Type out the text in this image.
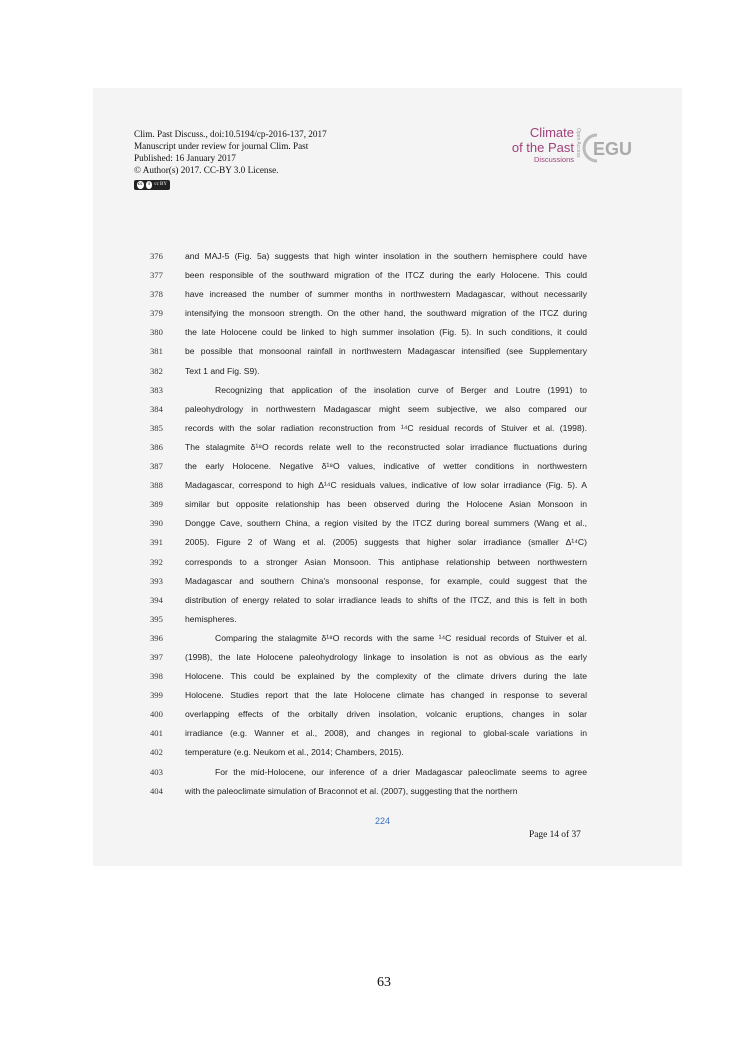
Clim. Past Discuss., doi:10.5194/cp-2016-137, 2017
Manuscript under review for journal Clim. Past
Published: 16 January 2017
© Author(s) 2017. CC-BY 3.0 License.
cc	i cc BY
Climate
of the Past
Discussions
Open Access EGU
376	and MAJ-5 (Fig. 5a) suggests that high winter insolation in the southern hemisphere could have
377	been responsible of the southward migration of the ITCZ during the early Holocene. This could
378	have increased the number of summer months in northwestern Madagascar, without necessarily
379	intensifying the monsoon strength. On the other hand, the southward migration of the ITCZ during
380	the late Holocene could be linked to high summer insolation (Fig. 5). In such conditions, it could
381	be possible that monsoonal rainfall in northwestern Madagascar intensified (see Supplementary
382	Text 1 and Fig. S9).
383	Recognizing that application of the insolation curve of Berger and Loutre (1991) to
384	paleohydrology in northwestern Madagascar might seem subjective, we also compared our
385	records with the solar radiation reconstruction from ¹⁴C residual records of Stuiver et al. (1998).
386	The stalagmite δ¹⁸O records relate well to the reconstructed solar irradiance fluctuations during
387	the early Holocene. Negative δ¹⁸O values, indicative of wetter conditions in northwestern
388	Madagascar, correspond to high Δ¹⁴C residuals values, indicative of low solar irradiance (Fig. 5). A
389	similar but opposite relationship has been observed during the Holocene Asian Monsoon in
390	Dongge Cave, southern China, a region visited by the ITCZ during boreal summers (Wang et al.,
391	2005). Figure 2 of Wang et al. (2005) suggests that higher solar irradiance (smaller Δ¹⁴C)
392	corresponds to a stronger Asian Monsoon. This antiphase relationship between northwestern
393	Madagascar and southern China's monsoonal response, for example, could suggest that the
394	distribution of energy related to solar irradiance leads to shifts of the ITCZ, and this is felt in both
395	hemispheres.
396	Comparing the stalagmite δ¹⁸O records with the same ¹⁴C residual records of Stuiver et al.
397	(1998), the late Holocene paleohydrology linkage to insolation is not as obvious as the early
398	Holocene. This could be explained by the complexity of the climate drivers during the late
399	Holocene. Studies report that the late Holocene climate has changed in response to several
400	overlapping effects of the orbitally driven insolation, volcanic eruptions, changes in solar
401	irradiance (e.g. Wanner et al., 2008), and changes in regional to global-scale variations in
402	temperature (e.g. Neukom et al., 2014; Chambers, 2015).
403	For the mid-Holocene, our inference of a drier Madagascar paleoclimate seems to agree
404	with the paleoclimate simulation of Braconnot et al. (2007), suggesting that the northern
224
Page 14 of 37
63
